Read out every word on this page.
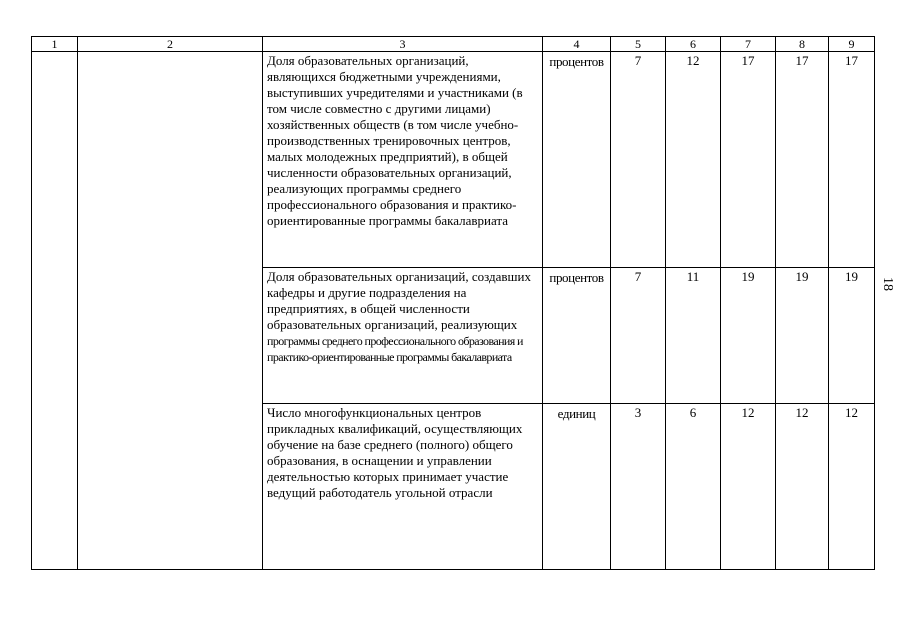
1	2	3	4	5	6	7	8	9
		Доля образовательных организаций, являющихся бюджетными учреждениями, выступивших учредителями и участниками (в том числе совместно с другими лицами) хозяйственных обществ (в том числе учебно-производственных тренировочных центров, малых молодежных предприятий), в общей численности образовательных организаций, реализующих программы среднего профессионального образования и практико-ориентированные программы бакалавриата	процентов	7	12	17	17	17
		Доля образовательных организаций, создавших кафедры и другие подразделения на предприятиях, в общей численности образовательных организаций, реализующих программы среднего профессионального образования и практико-ориентированные программы бакалавриата	процентов	7	11	19	19	19
		Число многофункциональных центров прикладных квалификаций, осуществляющих обучение на базе среднего (полного) общего образования, в оснащении и управлении деятельностью которых принимает участие ведущий работодатель угольной отрасли	единиц	3	6	12	12	12
18
